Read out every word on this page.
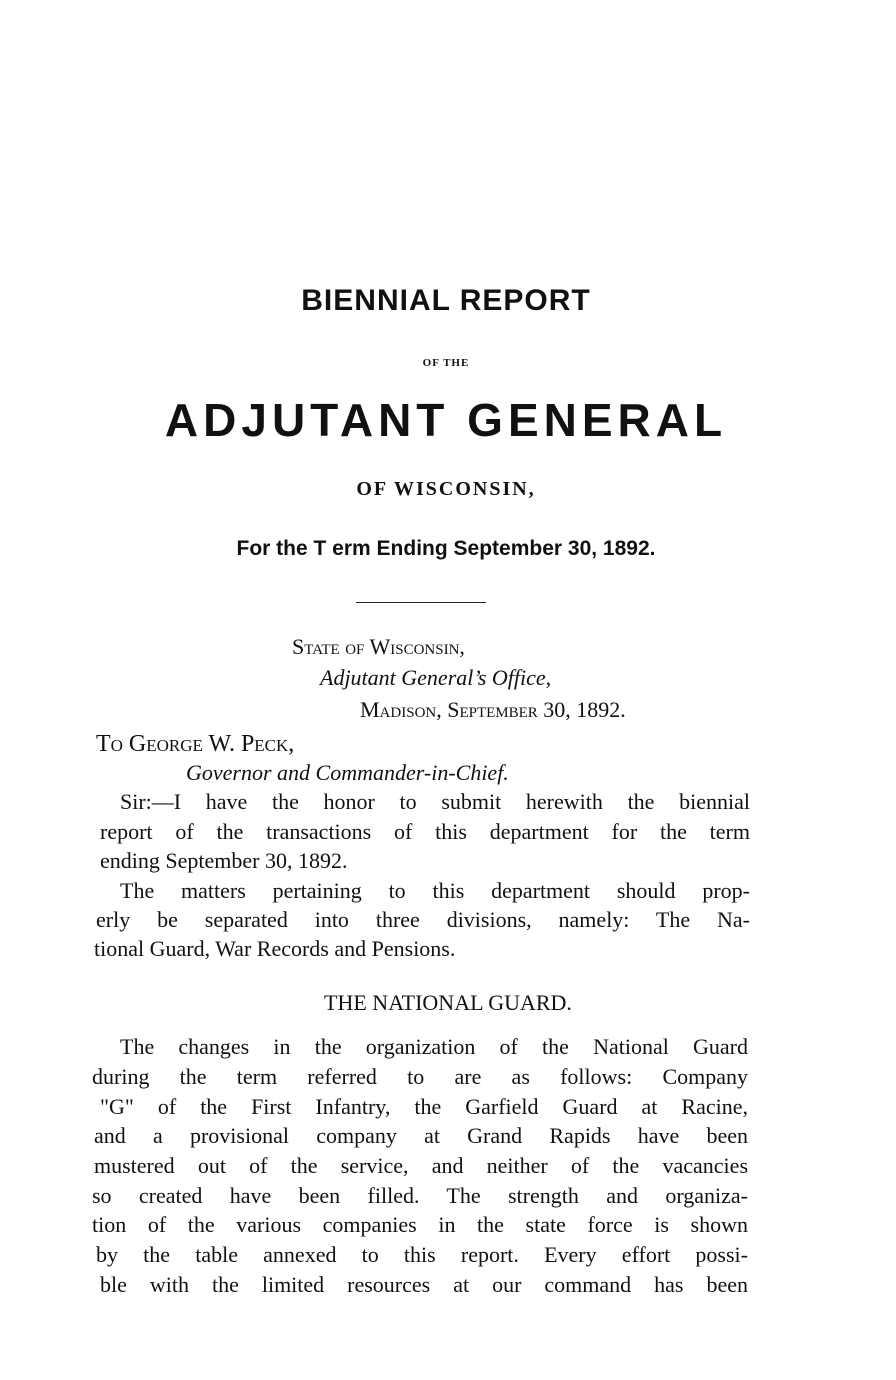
BIENNIAL REPORT
OF THE
ADJUTANT GENERAL
OF WISCONSIN,
For the T erm Ending September 30, 1892.
State of Wisconsin,
Adjutant General’s Office,
Madison, September 30, 1892.
To George W. Peck,
Governor and Commander-in-Chief.
Sir:—I have the honor to submit herewith the biennial
report of the transactions of this department for the term
ending September 30, 1892.
The matters pertaining to this department should prop-
erly be separated into three divisions, namely: The Na-
tional Guard, War Records and Pensions.
THE NATIONAL GUARD.
The changes in the organization of the National Guard
during the term referred to are as follows: Company
"G" of the First Infantry, the Garfield Guard at Racine,
and a provisional company at Grand Rapids have been
mustered out of the service, and neither of the vacancies
so created have been filled. The strength and organiza-
tion of the various companies in the state force is shown
by the table annexed to this report. Every effort possi-
ble with the limited resources at our command has been
